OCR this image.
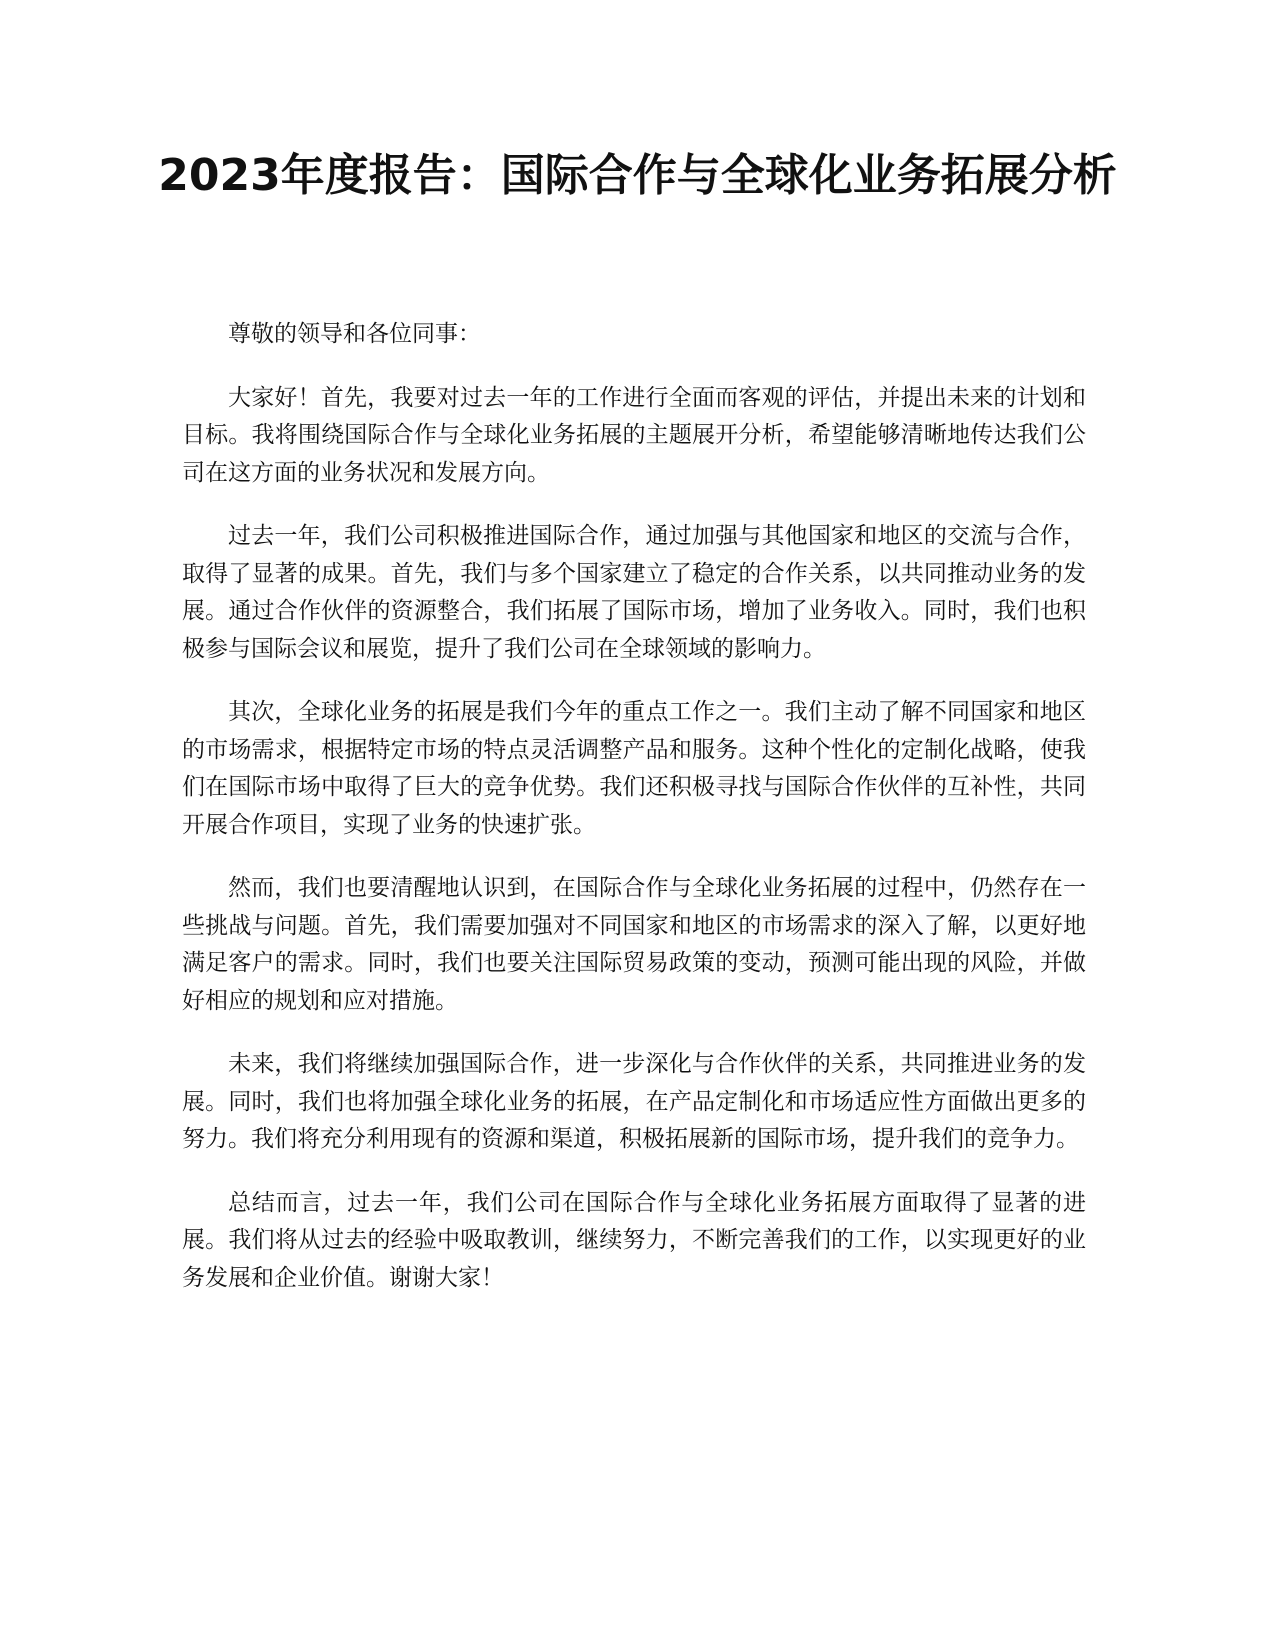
2023年度报告：国际合作与全球化业务拓展分析

尊敬的领导和各位同事：

大家好！首先，我要对过去一年的工作进行全面而客观的评估，并提出未来的计划和目标。我将围绕国际合作与全球化业务拓展的主题展开分析，希望能够清晰地传达我们公司在这方面的业务状况和发展方向。

过去一年，我们公司积极推进国际合作，通过加强与其他国家和地区的交流与合作，取得了显著的成果。首先，我们与多个国家建立了稳定的合作关系，以共同推动业务的发展。通过合作伙伴的资源整合，我们拓展了国际市场，增加了业务收入。同时，我们也积极参与国际会议和展览，提升了我们公司在全球领域的影响力。

其次，全球化业务的拓展是我们今年的重点工作之一。我们主动了解不同国家和地区的市场需求，根据特定市场的特点灵活调整产品和服务。这种个性化的定制化战略，使我们在国际市场中取得了巨大的竞争优势。我们还积极寻找与国际合作伙伴的互补性，共同开展合作项目，实现了业务的快速扩张。

然而，我们也要清醒地认识到，在国际合作与全球化业务拓展的过程中，仍然存在一些挑战与问题。首先，我们需要加强对不同国家和地区的市场需求的深入了解，以更好地满足客户的需求。同时，我们也要关注国际贸易政策的变动，预测可能出现的风险，并做好相应的规划和应对措施。

未来，我们将继续加强国际合作，进一步深化与合作伙伴的关系，共同推进业务的发展。同时，我们也将加强全球化业务的拓展，在产品定制化和市场适应性方面做出更多的努力。我们将充分利用现有的资源和渠道，积极拓展新的国际市场，提升我们的竞争力。

总结而言，过去一年，我们公司在国际合作与全球化业务拓展方面取得了显著的进展。我们将从过去的经验中吸取教训，继续努力，不断完善我们的工作，以实现更好的业务发展和企业价值。谢谢大家！
